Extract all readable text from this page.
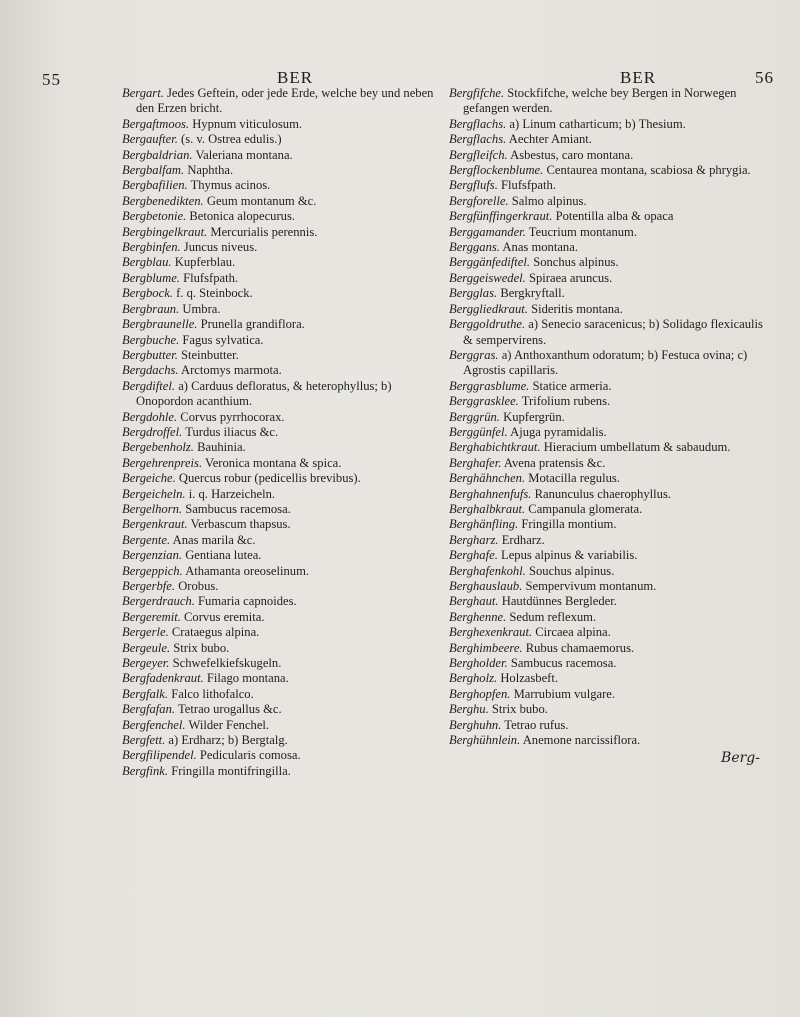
55	BER	BER	56

Bergart. Jedes Geftein, oder jede Erde, welche bey und neben den Erzen bricht.

Bergaftmoos. Hypnum viticulosum.

Bergaufter. (s. v. Ostrea edulis.)

Bergbaldrian. Valeriana montana.

Bergbalfam. Naphtha.

Bergbafilien. Thymus acinos.

Bergbenedikten. Geum montanum &c.

Bergbetonie. Betonica alopecurus.

Bergbingelkraut. Mercurialis perennis.

Bergbinfen. Juncus niveus.

Bergblau. Kupferblau.

Bergblume. Flufsfpath.

Bergbock. f. q. Steinbock.

Bergbraun. Umbra.

Bergbraunelle. Prunella grandiflora.

Bergbuche. Fagus sylvatica.

Bergbutter. Steinbutter.

Bergdachs. Arctomys marmota.

Bergdiftel. a) Carduus defloratus, & heterophyllus; b) Onopordon acanthium.

Bergdohle. Corvus pyrrhocorax.

Bergdroffel. Turdus iliacus &c.

Bergebenholz. Bauhinia.

Bergehrenpreis. Veronica montana & spica.

Bergeiche. Quercus robur (pedicellis brevibus).

Bergeicheln. i. q. Harzeicheln.

Bergelhorn. Sambucus racemosa.

Bergenkraut. Verbascum thapsus.

Bergente. Anas marila &c.

Bergenzian. Gentiana lutea.

Bergeppich. Athamanta oreoselinum.

Bergerbfe. Orobus.

Bergerdrauch. Fumaria capnoides.

Bergeremit. Corvus eremita.

Bergerle. Crataegus alpina.

Bergeule. Strix bubo.

Bergeyer. Schwefelkiefskugeln.

Bergfadenkraut. Filago montana.

Bergfalk. Falco lithofalco.

Bergfafan. Tetrao urogallus &c.

Bergfenchel. Wilder Fenchel.

Bergfett. a) Erdharz; b) Bergtalg.

Bergfilipendel. Pedicularis comosa.

Bergfink. Fringilla montifringilla.

Bergfifche. Stockfifche, welche bey Bergen in Norwegen gefangen werden.

Bergflachs. a) Linum catharticum; b) Thesium.

Bergflachs. Aechter Amiant.

Bergfleifch. Asbestus, caro montana.

Bergflockenblume. Centaurea montana, scabiosa & phrygia.

Bergflufs. Flufsfpath.

Bergforelle. Salmo alpinus.

Bergfünffingerkraut. Potentilla alba & opaca

Berggamander. Teucrium montanum.

Berggans. Anas montana.

Berggänfediftel. Sonchus alpinus.

Berggeiswedel. Spiraea aruncus.

Bergglas. Bergkryftall.

Berggliedkraut. Sideritis montana.

Berggoldruthe. a) Senecio saracenicus; b) Solidago flexicaulis & sempervirens.

Berggras. a) Anthoxanthum odoratum; b) Festuca ovina; c) Agrostis capillaris.

Berggrasblume. Statice armeria.

Berggrasklee. Trifolium rubens.

Berggrün. Kupfergrün.

Berggünfel. Ajuga pyramidalis.

Berghabichtkraut. Hieracium umbellatum & sabaudum.

Berghafer. Avena pratensis &c.

Berghähnchen. Motacilla regulus.

Berghahnenfufs. Ranunculus chaerophyllus.

Berghalbkraut. Campanula glomerata.

Berghänfling. Fringilla montium.

Bergharz. Erdharz.

Berghafe. Lepus alpinus & variabilis.

Berghafenkohl. Souchus alpinus.

Berghauslaub. Sempervivum montanum.

Berghaut. Hautdünnes Bergleder.

Berghenne. Sedum reflexum.

Berghexenkraut. Circaea alpina.

Berghimbeere. Rubus chamaemorus.

Bergholder. Sambucus racemosa.

Bergholz. Holzasbeft.

Berghopfen. Marrubium vulgare.

Berghu. Strix bubo.

Berghuhn. Tetrao rufus.

Berghühnlein. Anemone narcissiflora.

Berg-
